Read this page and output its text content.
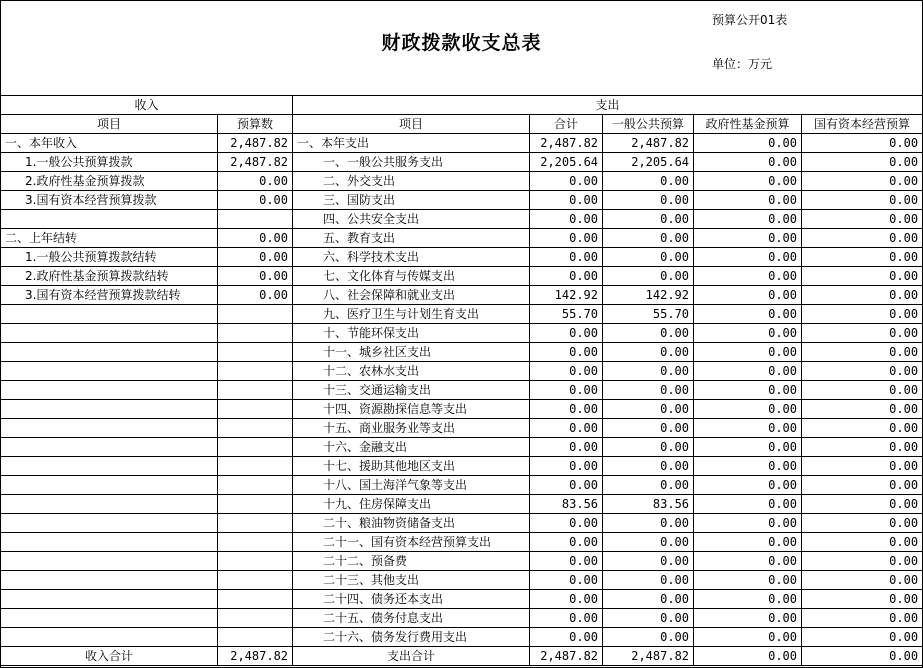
预算公开01表
财政拨款收支总表
单位：万元
收入		支出				
项目	预算数	项目	合计	一般公共预算	政府性基金预算	国有资本经营预算
一、本年收入	2,487.82	一、本年支出	2,487.82	2,487.82	0.00	0.00
1.一般公共预算拨款	2,487.82	一、一般公共服务支出	2,205.64	2,205.64	0.00	0.00
2.政府性基金预算拨款	0.00	二、外交支出	0.00	0.00	0.00	0.00
3.国有资本经营预算拨款	0.00	三、国防支出	0.00	0.00	0.00	0.00
		四、公共安全支出	0.00	0.00	0.00	0.00
二、上年结转	0.00	五、教育支出	0.00	0.00	0.00	0.00
1.一般公共预算拨款结转	0.00	六、科学技术支出	0.00	0.00	0.00	0.00
2.政府性基金预算拨款结转	0.00	七、文化体育与传媒支出	0.00	0.00	0.00	0.00
3.国有资本经营预算拨款结转	0.00	八、社会保障和就业支出	142.92	142.92	0.00	0.00
		九、医疗卫生与计划生育支出	55.70	55.70	0.00	0.00
		十、节能环保支出	0.00	0.00	0.00	0.00
		十一、城乡社区支出	0.00	0.00	0.00	0.00
		十二、农林水支出	0.00	0.00	0.00	0.00
		十三、交通运输支出	0.00	0.00	0.00	0.00
		十四、资源勘探信息等支出	0.00	0.00	0.00	0.00
		十五、商业服务业等支出	0.00	0.00	0.00	0.00
		十六、金融支出	0.00	0.00	0.00	0.00
		十七、援助其他地区支出	0.00	0.00	0.00	0.00
		十八、国土海洋气象等支出	0.00	0.00	0.00	0.00
		十九、住房保障支出	83.56	83.56	0.00	0.00
		二十、粮油物资储备支出	0.00	0.00	0.00	0.00
		二十一、国有资本经营预算支出	0.00	0.00	0.00	0.00
		二十二、预备费	0.00	0.00	0.00	0.00
		二十三、其他支出	0.00	0.00	0.00	0.00
		二十四、债务还本支出	0.00	0.00	0.00	0.00
		二十五、债务付息支出	0.00	0.00	0.00	0.00
		二十六、债务发行费用支出	0.00	0.00	0.00	0.00
收入合计	2,487.82	支出合计	2,487.82	2,487.82	0.00	0.00
